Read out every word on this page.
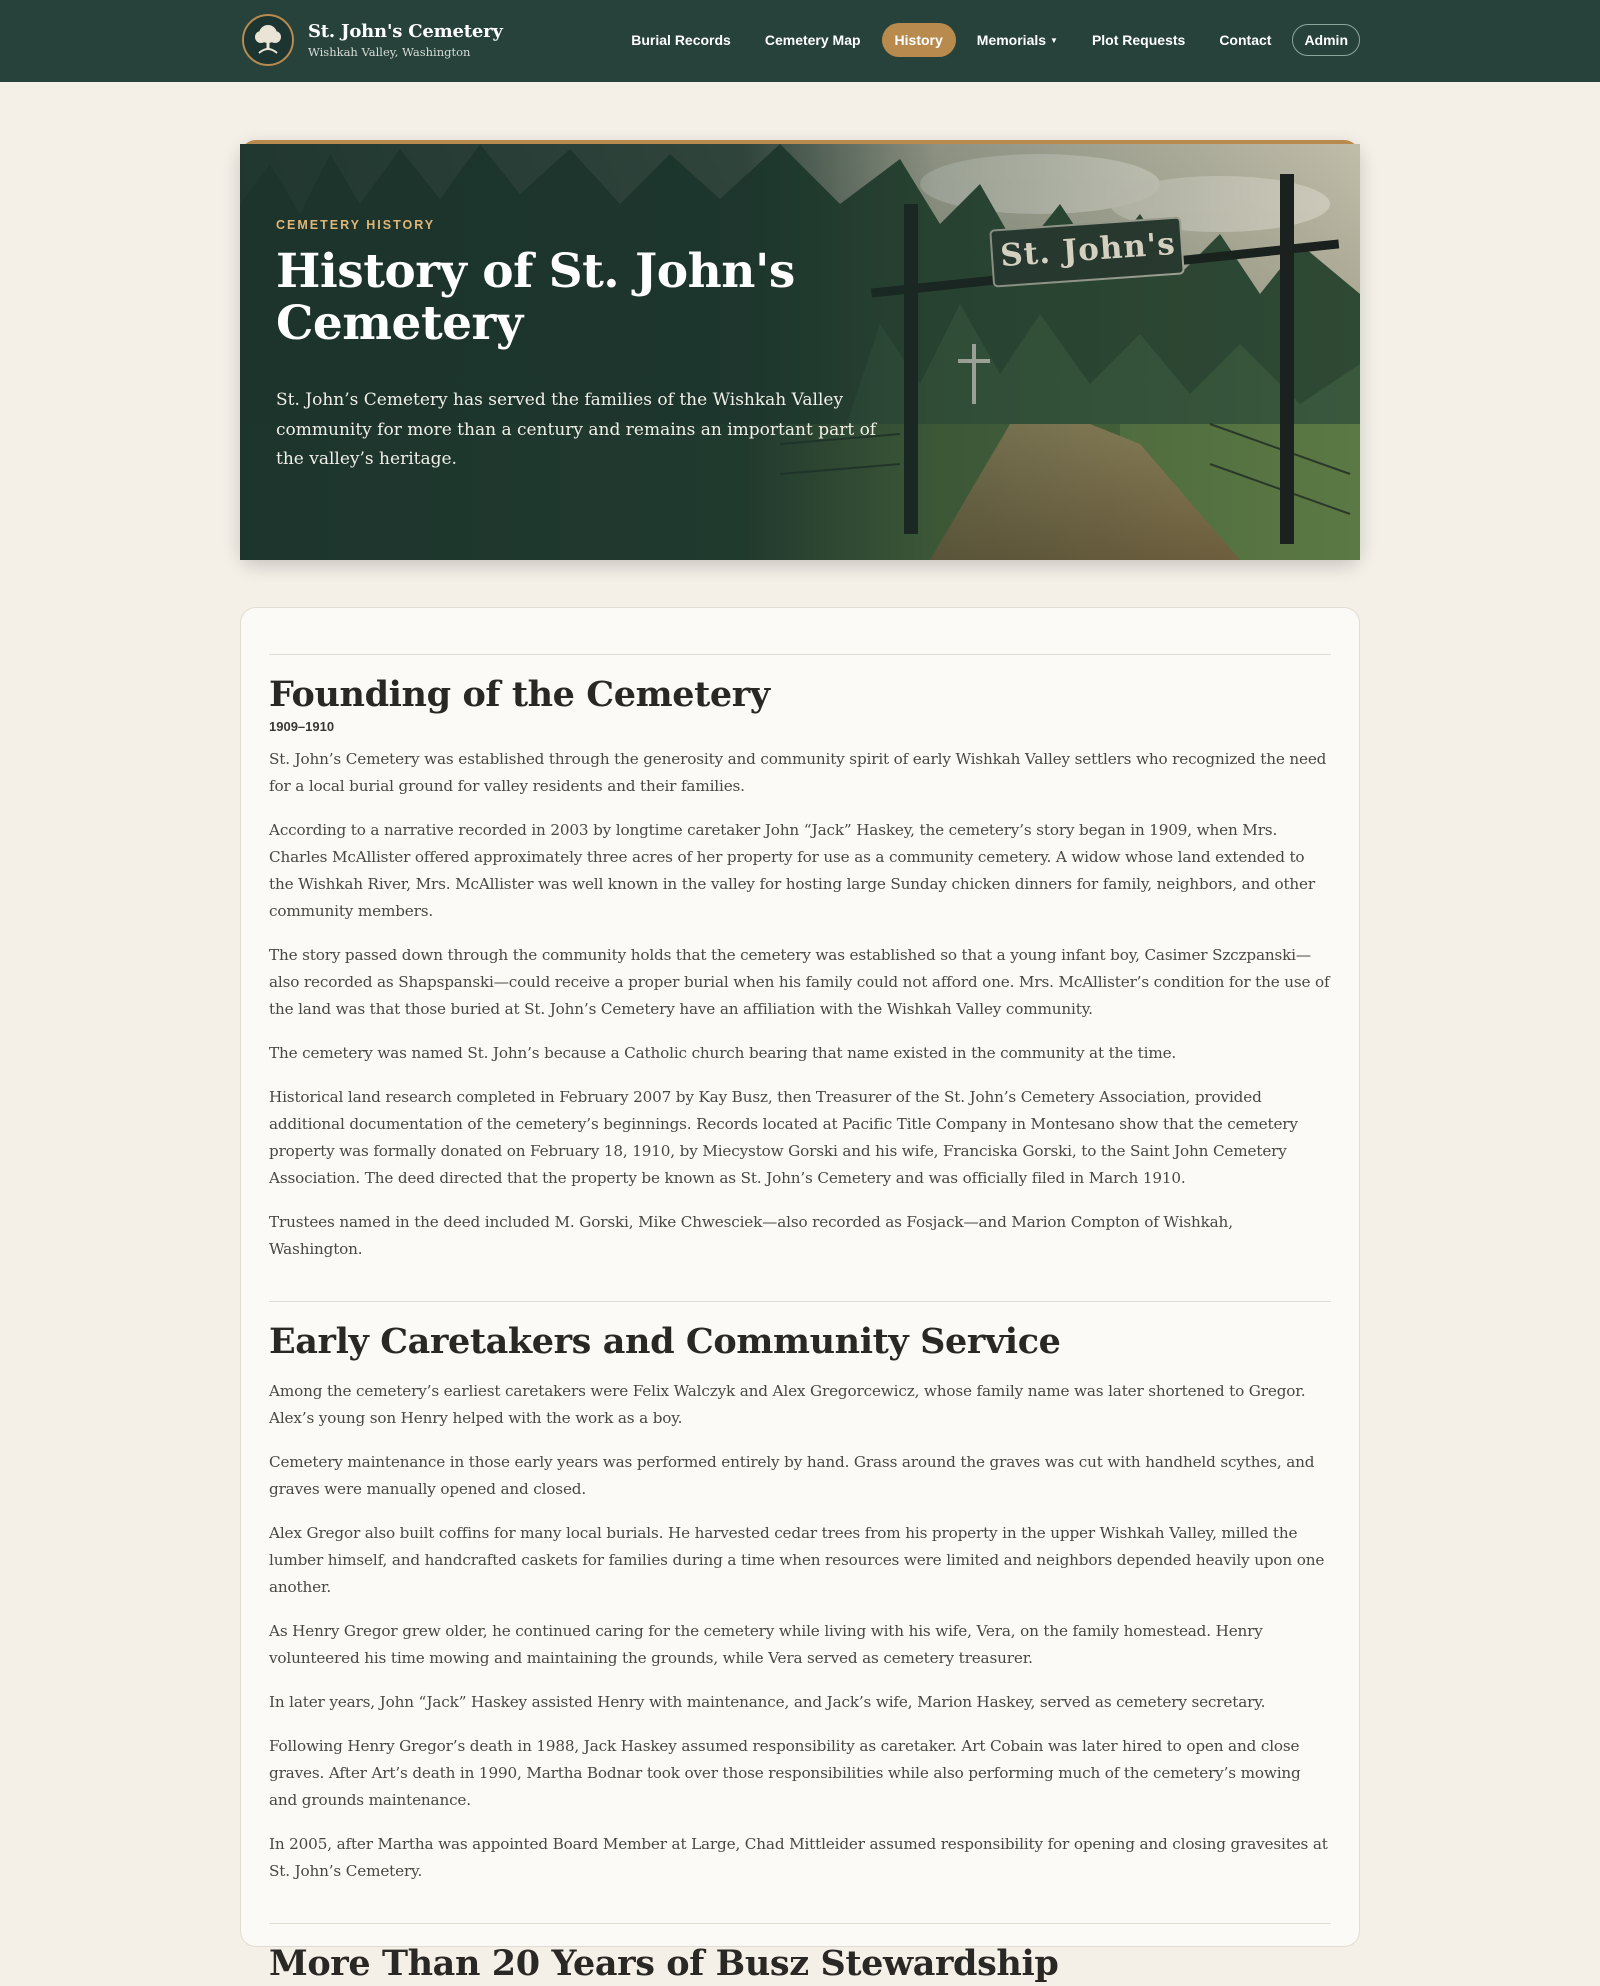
St. John's Cemetery
Wishkah Valley, Washington
Burial Records Cemetery Map History Memorials ▼ Plot Requests Contact Admin
St. John's
CEMETERY HISTORY
History of St. John's Cemetery

St. John’s Cemetery has served the families of the Wishkah Valley community for more than a century and remains an important part of the valley’s heritage.

Founding of the Cemetery
1909–1910

St. John’s Cemetery was established through the generosity and community spirit of early Wishkah Valley settlers who recognized the need for a local burial ground for valley residents and their families.

According to a narrative recorded in 2003 by longtime caretaker John “Jack” Haskey, the cemetery’s story began in 1909, when Mrs. Charles McAllister offered approximately three acres of her property for use as a community cemetery. A widow whose land extended to the Wishkah River, Mrs. McAllister was well known in the valley for hosting large Sunday chicken dinners for family, neighbors, and other community members.

The story passed down through the community holds that the cemetery was established so that a young infant boy, Casimer Szczpanski—also recorded as Shapspanski—could receive a proper burial when his family could not afford one. Mrs. McAllister’s condition for the use of the land was that those buried at St. John’s Cemetery have an affiliation with the Wishkah Valley community.

The cemetery was named St. John’s because a Catholic church bearing that name existed in the community at the time.

Historical land research completed in February 2007 by Kay Busz, then Treasurer of the St. John’s Cemetery Association, provided additional documentation of the cemetery’s beginnings. Records located at Pacific Title Company in Montesano show that the cemetery property was formally donated on February 18, 1910, by Miecystow Gorski and his wife, Franciska Gorski, to the Saint John Cemetery Association. The deed directed that the property be known as St. John’s Cemetery and was officially filed in March 1910.

Trustees named in the deed included M. Gorski, Mike Chwesciek—also recorded as Fosjack—and Marion Compton of Wishkah, Washington.

Early Caretakers and Community Service

Among the cemetery’s earliest caretakers were Felix Walczyk and Alex Gregorcewicz, whose family name was later shortened to Gregor. Alex’s young son Henry helped with the work as a boy.

Cemetery maintenance in those early years was performed entirely by hand. Grass around the graves was cut with handheld scythes, and graves were manually opened and closed.

Alex Gregor also built coffins for many local burials. He harvested cedar trees from his property in the upper Wishkah Valley, milled the lumber himself, and handcrafted caskets for families during a time when resources were limited and neighbors depended heavily upon one another.

As Henry Gregor grew older, he continued caring for the cemetery while living with his wife, Vera, on the family homestead. Henry volunteered his time mowing and maintaining the grounds, while Vera served as cemetery treasurer.

In later years, John “Jack” Haskey assisted Henry with maintenance, and Jack’s wife, Marion Haskey, served as cemetery secretary.

Following Henry Gregor’s death in 1988, Jack Haskey assumed responsibility as caretaker. Art Cobain was later hired to open and close graves. After Art’s death in 1990, Martha Bodnar took over those responsibilities while also performing much of the cemetery’s mowing and grounds maintenance.

In 2005, after Martha was appointed Board Member at Large, Chad Mittleider assumed responsibility for opening and closing gravesites at St. John’s Cemetery.

More Than 20 Years of Busz Stewardship
